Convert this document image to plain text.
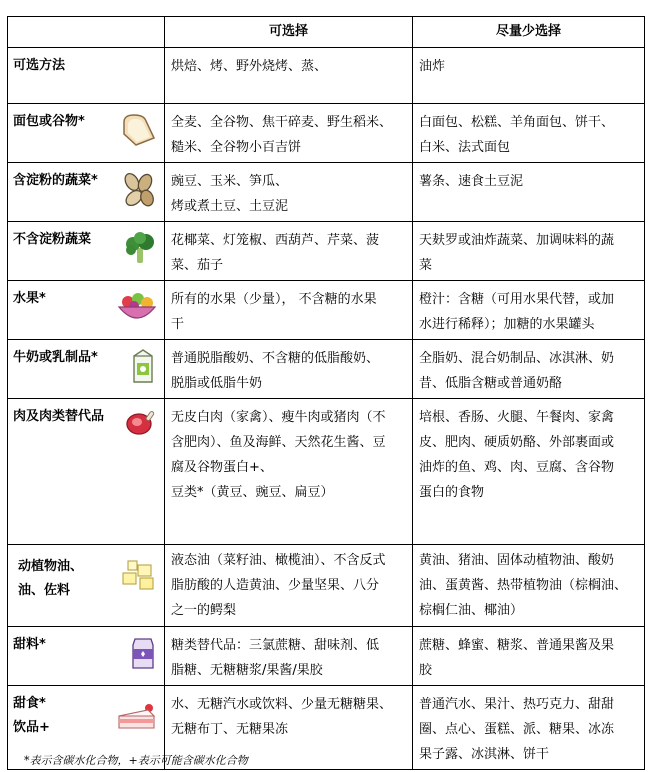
	可选择	尽量少选择

可选方法	烘焙、烤、野外烧烤、蒸、	油炸

面包或谷物*	全麦、全谷物、焦干碎麦、野生稻米、
糙米、全谷物小百吉饼	白面包、松糕、羊角面包、饼干、
白米、法式面包

含淀粉的蔬菜*	豌豆、玉米、笋瓜、
烤或煮土豆、土豆泥	薯条、速食土豆泥

不含淀粉蔬菜	花椰菜、灯笼椒、西葫芦、芹菜、菠
菜、茄子	天麸罗或油炸蔬菜、加调味料的蔬
菜

水果*	所有的水果（少量）， 不含糖的水果
干	橙汁：含糖（可用水果代替，或加
水进行稀释）；加糖的水果罐头

牛奶或乳制品*	普通脱脂酸奶、不含糖的低脂酸奶、
脱脂或低脂牛奶	全脂奶、混合奶制品、冰淇淋、奶
昔、低脂含糖或普通奶酪

肉及肉类替代品	无皮白肉（家禽）、瘦牛肉或猪肉（不
含肥肉）、鱼及海鲜、天然花生酱、豆
腐及谷物蛋白+、
豆类*（黄豆、豌豆、扁豆）	培根、香肠、火腿、午餐肉、家禽
皮、肥肉、硬质奶酪、外部裹面或
油炸的鱼、鸡、肉、豆腐、含谷物
蛋白的食物

动植物油、油、佐料	液态油（菜籽油、橄榄油）、不含反式
脂肪酸的人造黄油、少量坚果、八分
之一的鳄梨	黄油、猪油、固体动植物油、酸奶
油、蛋黄酱、热带植物油（棕榈油、
棕榈仁油、椰油）

甜料*	糖类替代品：三氯蔗糖、甜味剂、低
脂糖、无糖糖浆/果酱/果胶	蔗糖、蜂蜜、糖浆、普通果酱及果
胶

甜食*
饮品+	水、无糖汽水或饮料、少量无糖糖果、
无糖布丁、无糖果冻	普通汽水、果汁、热巧克力、甜甜
圈、点心、蛋糕、派、糖果、冰冻
果子露、冰淇淋、饼干
*表示含碳水化合物，+表示可能含碳水化合物
